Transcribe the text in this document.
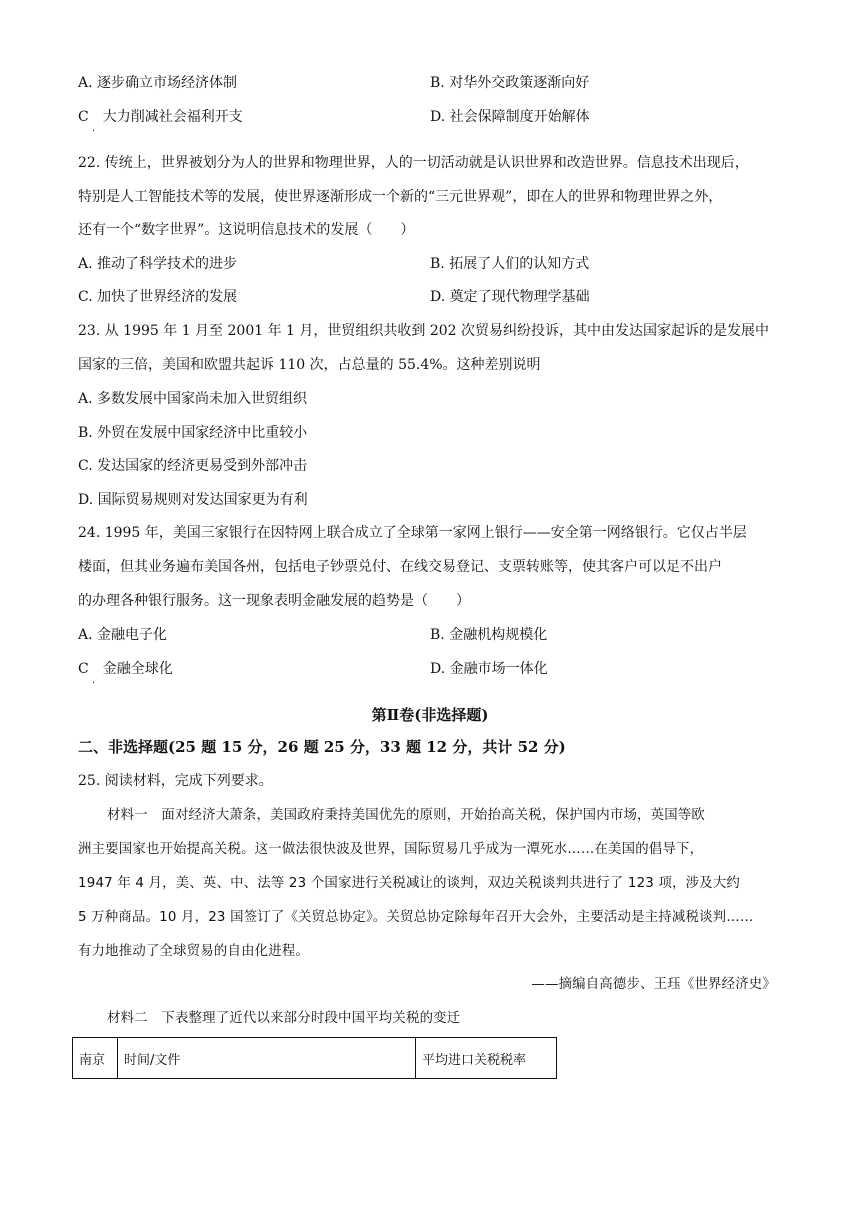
A. 逐步确立市场经济体制	B. 对华外交政策逐渐向好
C　大力削减社会福利开支
.
D. 社会保障制度开始解体
22. 传统上，世界被划分为人的世界和物理世界，人的一切活动就是认识世界和改造世界。信息技术出现后，
特别是人工智能技术等的发展，使世界逐渐形成一个新的“三元世界观”，即在人的世界和物理世界之外，
还有一个“数字世界”。这说明信息技术的发展（　　）
A. 推动了科学技术的进步	B. 拓展了人们的认知方式
C. 加快了世界经济的发展	D. 奠定了现代物理学基础
23. 从 1995 年 1 月至 2001 年 1 月，世贸组织共收到 202 次贸易纠纷投诉，其中由发达国家起诉的是发展中
国家的三倍，美国和欧盟共起诉 110 次，占总量的 55.4%。这种差别说明
A. 多数发展中国家尚未加入世贸组织
B. 外贸在发展中国家经济中比重较小
C. 发达国家的经济更易受到外部冲击
D. 国际贸易规则对发达国家更为有利
24. 1995 年，美国三家银行在因特网上联合成立了全球第一家网上银行——安全第一网络银行。它仅占半层
楼面，但其业务遍布美国各州，包括电子钞票兑付、在线交易登记、支票转账等，使其客户可以足不出户
的办理各种银行服务。这一现象表明金融发展的趋势是（　　）
A. 金融电子化	B. 金融机构规模化
C　金融全球化
.
D. 金融市场一体化
第Ⅱ卷(非选择题)
二、非选择题(25 题 15 分，26 题 25 分，33 题 12 分，共计 52 分)
25. 阅读材料，完成下列要求。
材料一　面对经济大萧条，美国政府秉持美国优先的原则，开始抬高关税，保护国内市场，英国等欧
洲主要国家也开始提高关税。这一做法很快波及世界，国际贸易几乎成为一潭死水……在美国的倡导下，
1947 年 4 月，美、英、中、法等 23 个国家进行关税减让的谈判，双边关税谈判共进行了 123 项，涉及大约
5 万种商品。10 月，23 国签订了《关贸总协定》。关贸总协定除每年召开大会外，主要活动是主持减税谈判……
有力地推动了全球贸易的自由化进程。
——摘编自高德步、王珏《世界经济史》
材料二　下表整理了近代以来部分时段中国平均关税的变迁
南京	时间/文件	平均进口关税税率
